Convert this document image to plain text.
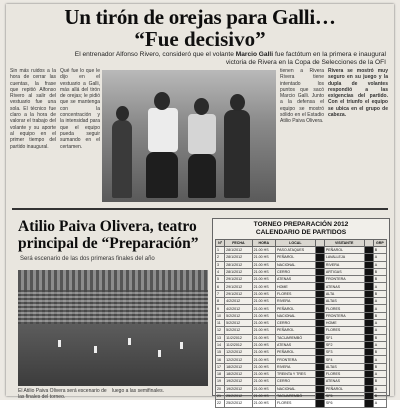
Un tirón de orejas para Galli…
“Fue decisivo”
El entrenador Alfonso Rivero, consideró que el volante Marcio Galli fue factótum en la primera e inaugural victoria de Rivera en la Copa de Selecciones de la OFI
Sin más ruidos a la hora de cerrar las cuentas, la frase que repitió Alfonso Rivero al salir del vestuario fue una sola. El técnico fue claro a la hora de valorar el trabajo del volante y su aporte al equipo en el primer tiempo del partido inaugural.
Qué fue lo que le dijo en el vestuario a Galli, más allá del tirón de orejas; le pidió que se mantenga con la concentración y la intensidad para que el equipo pueda seguir sumando en el certamen.
tienen a Rivera Rivera tiene intentado los puntos que sacó Marcio Galli. Junto a la defensa el equipo se mostró sólido en el Estadio Atilio Paiva Olivera.
Rivera se mostró muy seguro en su juego y la dupla de volantes respondió a las exigencias del partido. Con el triunfo el equipo se ubica en el grupo de cabeza.
Atilio Paiva Olivera, teatro principal de “Preparación”
Será escenario de las dos primeras finales del año
El Atilio Paiva Olivera será escenario de las finales del torneo.
luego a las semifinales.
TORNEO PREPARACIÓN 2012
CALENDARIO DE PARTIDOS
Nº	FECHA	HORA	LOCAL		VISITANTE		GRP
1	28/1/2012	21.00 HS	PASO ATAQUES		PEÑAROL		B
2	28/1/2012	21.00 HS	PEÑAROL		LAVALLEJA		A
3	28/1/2012	21.00 HS	NACIONAL		RIVERA		A
4	28/1/2012	21.00 HS	CERRO		ARTIGAS		B
5	29/1/2012	21.00 HS	ATENAS		FRONTERA		B
6	29/1/2012	21.00 HS	HOME		ATENAS		A
7	29/1/2012	21.00 HS	FLORES		ALTA		B
8	4/2/2012	21.00 HS	RIVERA		ALTAS		A
9	4/2/2012	21.00 HS	PEÑAROL		FLORES		A
10	5/2/2012	21.00 HS	NACIONAL		FRONTERA		B
11	5/2/2012	21.00 HS	CERRO		HOME		A
12	5/2/2012	21.00 HS	PEÑAROL		FLORES		A
13	11/2/2012	21.00 HS	TACUAREMBÓ		SF1		B
14	11/2/2012	21.00 HS	ATENAS		SF2		A
15	12/2/2012	21.00 HS	PEÑAROL		SF3		B
16	12/2/2012	21.00 HS	FRONTERA		SF4		A
17	18/2/2012	21.00 HS	RIVERA		ALTAS		B
18	18/2/2012	21.00 HS	TREINTA Y TRES		FLORES		A
19	19/2/2012	21.00 HS	CERRO		ATENAS		B
20	19/2/2012	21.00 HS	NACIONAL		PEÑAROL		A
21	25/2/2012	21.00 HS	TACUAREMBÓ		SF5		B
22	25/2/2012	21.00 HS	FLORES		SF6		A
